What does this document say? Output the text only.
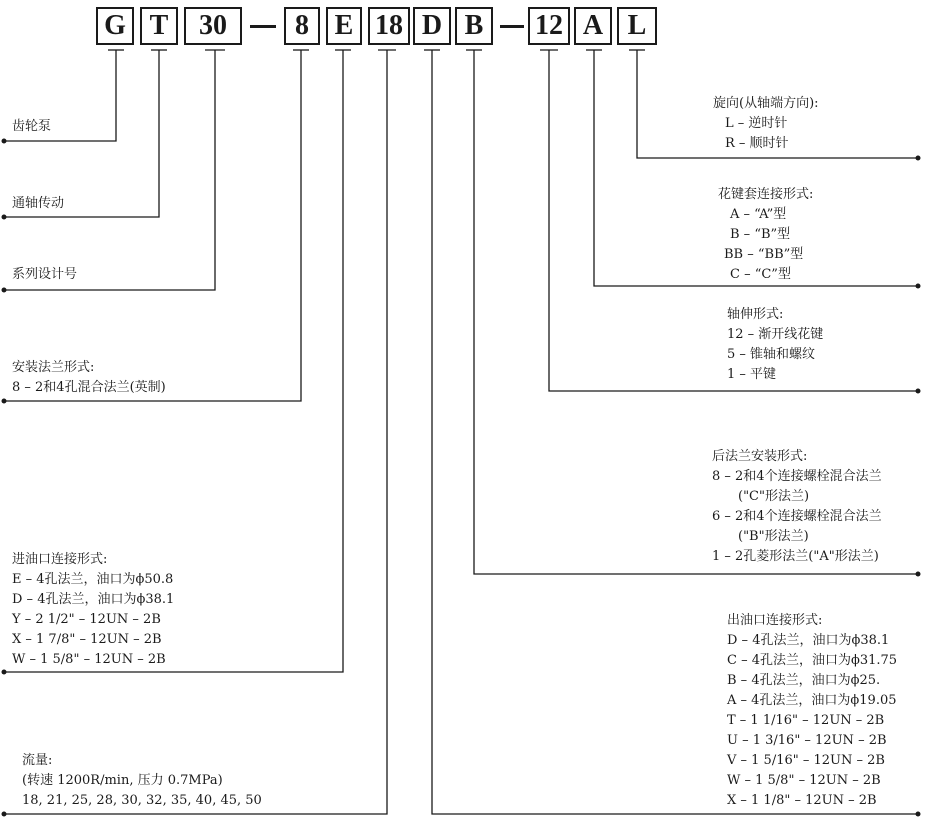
G T 30 8 E 18 D B 12 A L
齿轮泵
通轴传动
系列设计号
安装法兰形式:
8 – 2和4孔混合法兰(英制)
进油口连接形式:
E – 4孔法兰，油口为ϕ50.8
D – 4孔法兰，油口为ϕ38.1
Y – 2 1/2" – 12UN – 2B
X – 1 7/8" – 12UN – 2B
W – 1 5/8" – 12UN – 2B
流量:
(转速 1200R/min, 压力 0.7MPa)
18, 21, 25, 28, 30, 32, 35, 40, 45, 50
旋向(从轴端方向):
L – 逆时针
R – 顺时针
花键套连接形式:
A – “A”型
B – “B”型
BB – “BB”型
C – “C”型
轴伸形式:
12 – 渐开线花键
5 – 锥轴和螺纹
1 – 平键
后法兰安装形式:
8 – 2和4个连接螺栓混合法兰
("C"形法兰)
6 – 2和4个连接螺栓混合法兰
("B"形法兰)
1 – 2孔菱形法兰("A"形法兰)
出油口连接形式:
D – 4孔法兰，油口为ϕ38.1
C – 4孔法兰，油口为ϕ31.75
B – 4孔法兰，油口为ϕ25.
A – 4孔法兰，油口为ϕ19.05
T – 1 1/16" – 12UN – 2B
U – 1 3/16" – 12UN – 2B
V – 1 5/16" – 12UN – 2B
W – 1 5/8" – 12UN – 2B
X – 1 1/8" – 12UN – 2B
